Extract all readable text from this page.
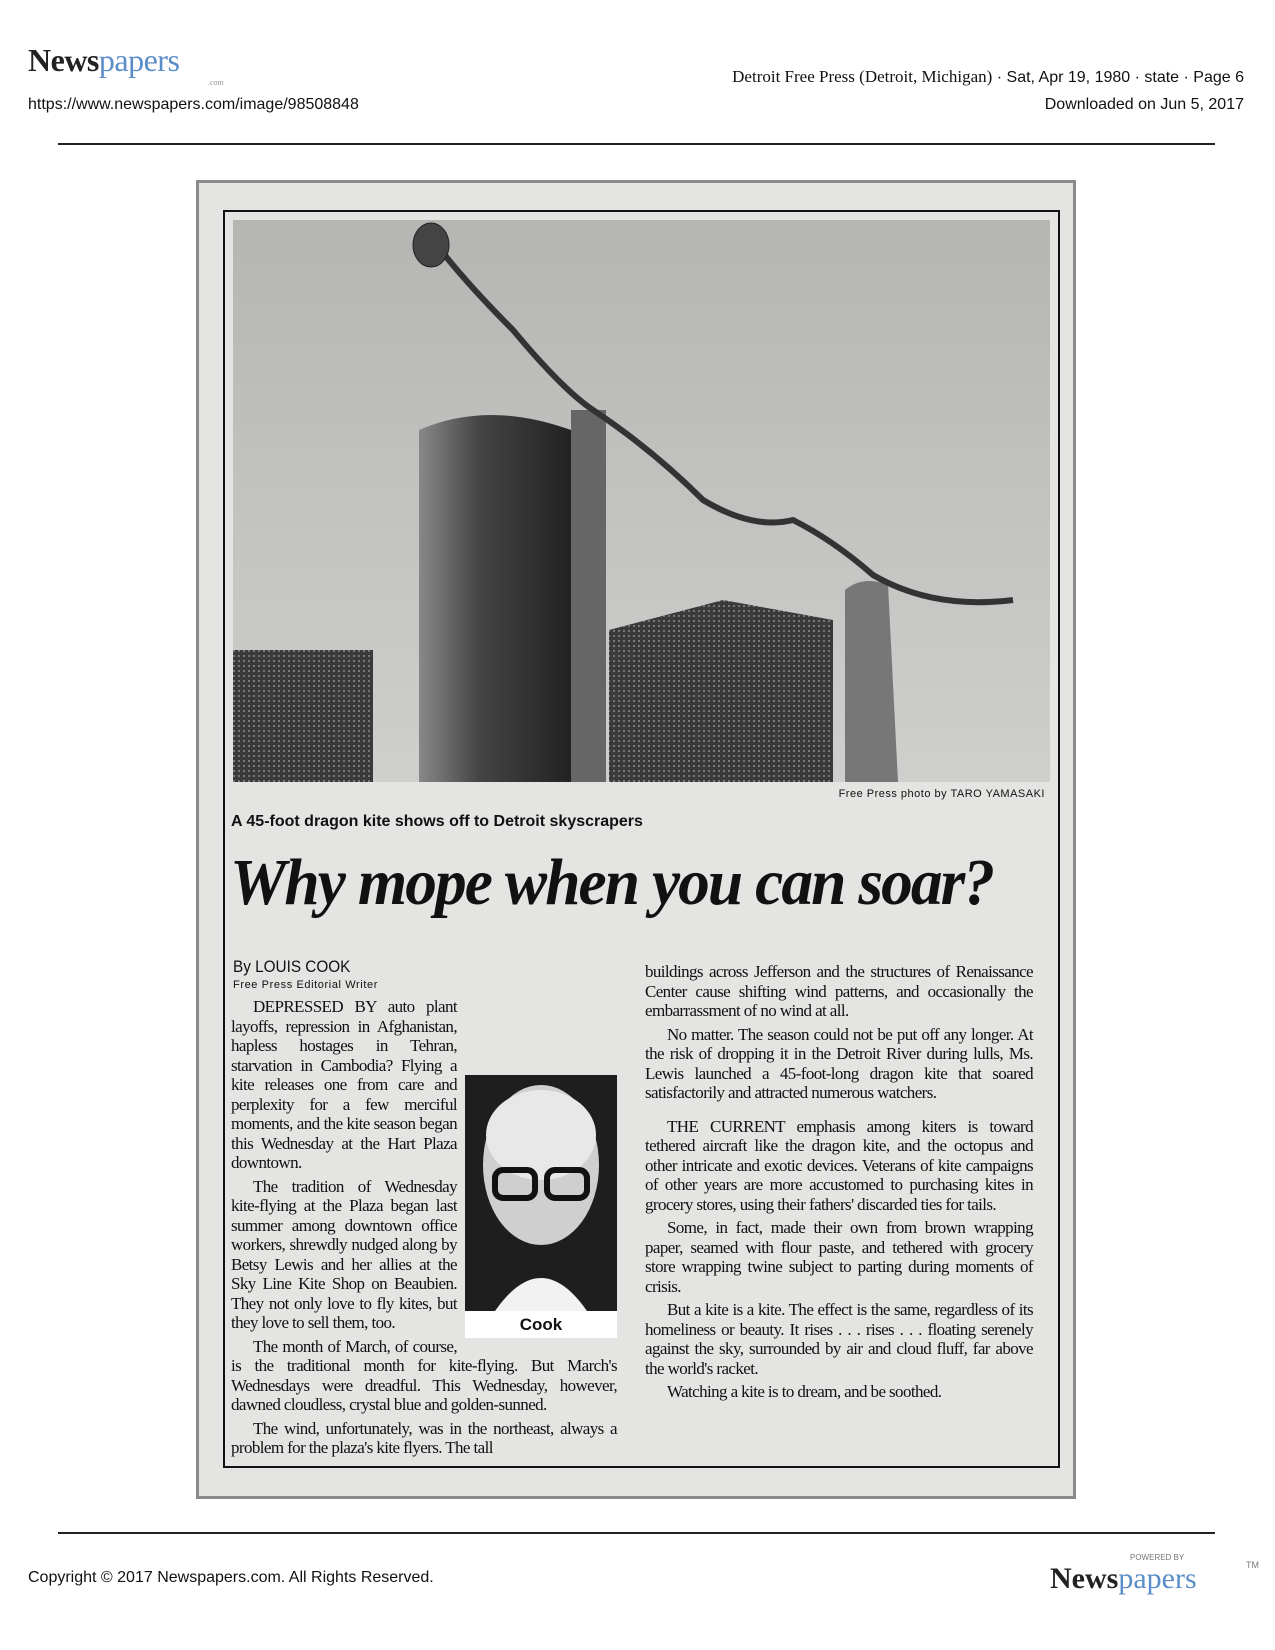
Newspapers
.com
https://www.newspapers.com/image/98508848
Detroit Free Press (Detroit, Michigan) · Sat, Apr 19, 1980 · state · Page 6
Downloaded on Jun 5, 2017
Free Press photo by TARO YAMASAKI
A 45-foot dragon kite shows off to Detroit skyscrapers
Why mope when you can soar?
By LOUIS COOK
Free Press Editorial Writer
Cook

DEPRESSED BY auto plant layoffs, repression in Afghanistan, hapless hostages in Tehran, starvation in Cambodia? Flying a kite releases one from care and perplexity for a few merciful moments, and the kite season began this Wednesday at the Hart Plaza downtown.

The tradition of Wednesday kite-flying at the Plaza began last summer among downtown office workers, shrewdly nudged along by Betsy Lewis and her allies at the Sky Line Kite Shop on Beaubien. They not only love to fly kites, but they love to sell them, too.

The month of March, of course, is the traditional month for kite-flying. But March's Wednesdays were dreadful. This Wednesday, however, dawned cloudless, crystal blue and golden-sunned.

The wind, unfortunately, was in the northeast, always a problem for the plaza's kite flyers. The tall

buildings across Jefferson and the structures of Renaissance Center cause shifting wind patterns, and occasionally the embarrassment of no wind at all.

No matter. The season could not be put off any longer. At the risk of dropping it in the Detroit River during lulls, Ms. Lewis launched a 45-foot-long dragon kite that soared satisfactorily and attracted numerous watchers.

THE CURRENT emphasis among kiters is toward tethered aircraft like the dragon kite, and the octopus and other intricate and exotic devices. Veterans of kite campaigns of other years are more accustomed to purchasing kites in grocery stores, using their fathers' discarded ties for tails.

Some, in fact, made their own from brown wrapping paper, seamed with flour paste, and tethered with grocery store wrapping twine subject to parting during moments of crisis.

But a kite is a kite. The effect is the same, regardless of its homeliness or beauty. It rises . . . rises . . . floating serenely against the sky, surrounded by air and cloud fluff, far above the world's racket.

Watching a kite is to dream, and be soothed.

Copyright © 2017 Newspapers.com. All Rights Reserved.
POWERED BY
Newspapers	TM
